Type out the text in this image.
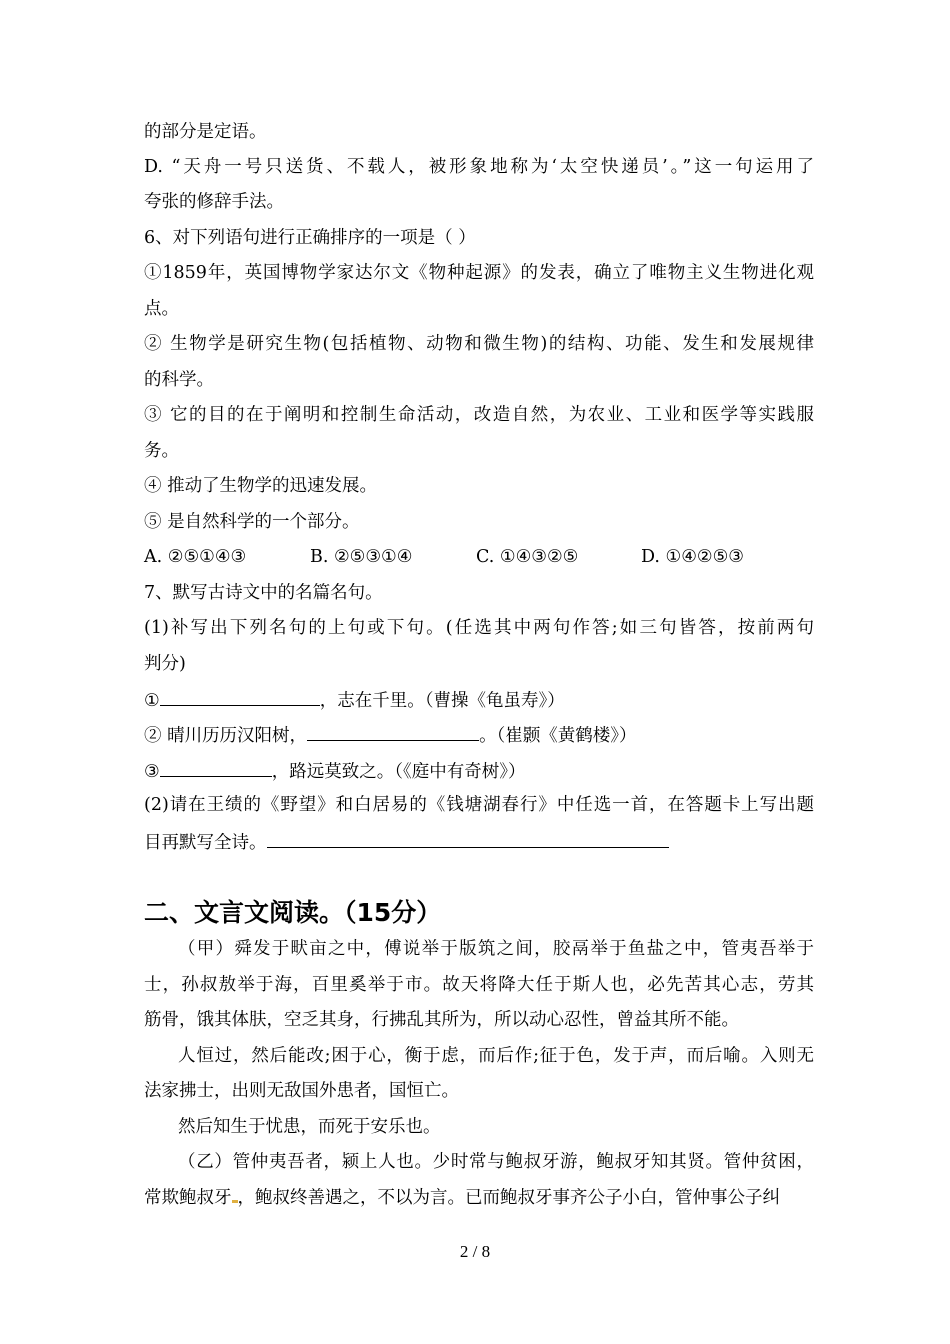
的部分是定语。
D. “天舟一号只送货、不载人，被形象地称为‘太空快递员’。”这一句运用了
夸张的修辞手法。
6、对下列语句进行正确排序的一项是（ ）
①1859年，英国博物学家达尔文《物种起源》的发表，确立了唯物主义生物进化观
点。
② 生物学是研究生物(包括植物、动物和微生物)的结构、功能、发生和发展规律
的科学。
③ 它的目的在于阐明和控制生命活动，改造自然，为农业、工业和医学等实践服
务。
④ 推动了生物学的迅速发展。
⑤ 是自然科学的一个部分。
A. ②⑤①④③	B. ②⑤③①④	C. ①④③②⑤	D. ①④②⑤③
7、默写古诗文中的名篇名句。
(1)补写出下列名句的上句或下句。(任选其中两句作答;如三句皆答，按前两句
判分)
①	，志在千里。（曹操《龟虽寿》）
② 晴川历历汉阳树，	。（崔颢《黄鹤楼》）
③	，路远莫致之。（《庭中有奇树》）
(2)请在王绩的《野望》和白居易的《钱塘湖春行》中任选一首，在答题卡上写出题
目再默写全诗。
二、文言文阅读。（15分）
（甲）舜发于畎亩之中，傅说举于版筑之间，胶鬲举于鱼盐之中，管夷吾举于
士，孙叔敖举于海，百里奚举于市。故天将降大任于斯人也，必先苦其心志，劳其
筋骨，饿其体肤，空乏其身，行拂乱其所为，所以动心忍性，曾益其所不能。
人恒过，然后能改;困于心，衡于虑，而后作;征于色，发于声，而后喻。入则无
法家拂士，出则无敌国外患者，国恒亡。
然后知生于忧患，而死于安乐也。
（乙）管仲夷吾者，颍上人也。少时常与鲍叔牙游，鲍叔牙知其贤。管仲贫困，
常欺鲍叔牙 ，鲍叔终善遇之，不以为言。已而鲍叔牙事齐公子小白，管仲事公子纠
2 / 8
